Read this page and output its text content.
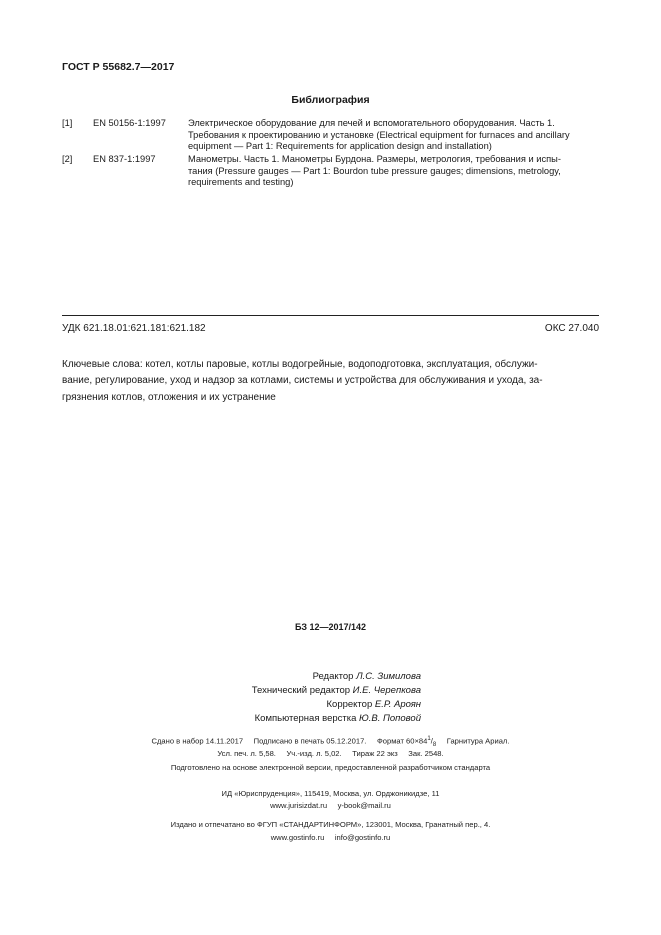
ГОСТ Р 55682.7—2017
Библиография
[1] EN 50156-1:1997 Электрическое оборудование для печей и вспомогательного оборудования. Часть 1.
Требования к проектированию и установке (Electrical equipment for furnaces and ancillary
equipment — Part 1: Requirements for application design and installation)
[2] EN 837-1:1997	Манометры. Часть 1. Манометры Бурдона. Размеры, метрология, требования и испы-
тания (Pressure gauges — Part 1: Bourdon tube pressure gauges; dimensions, metrology,
requirements and testing)
УДК 621.18.01:621.181:621.182	ОКС 27.040
Ключевые слова: котел, котлы паровые, котлы водогрейные, водоподготовка, эксплуатация, обслужи-
вание, регулирование, уход и надзор за котлами, системы и устройства для обслуживания и ухода, за-
грязнения котлов, отложения и их устранение
БЗ 12—2017/142
Редактор Л.С. Зимилова
Технический редактор И.Е. Черепкова
Корректор Е.Р. Ароян
Компьютерная верстка Ю.В. Поповой
Сдано в набор 14.11.2017 Подписано в печать 05.12.2017. Формат $60\times 84^1/_8$ Гарнитура Ариал.
Усл. печ. л. 5,58. Уч.-изд. л. 5,02. Тираж 22 экз Зак. 2548.
Подготовлено на основе электронной версии, предоставленной разработчиком стандарта
ИД «Юриспруденция», 115419, Москва, ул. Орджоникидзе, 11
www.jurisizdat.ru y-book@mail.ru
Издано и отпечатано во ФГУП «СТАНДАРТИНФОРМ», 123001, Москва, Гранатный пер., 4.
www.gostinfo.ru info@gostinfo.ru
